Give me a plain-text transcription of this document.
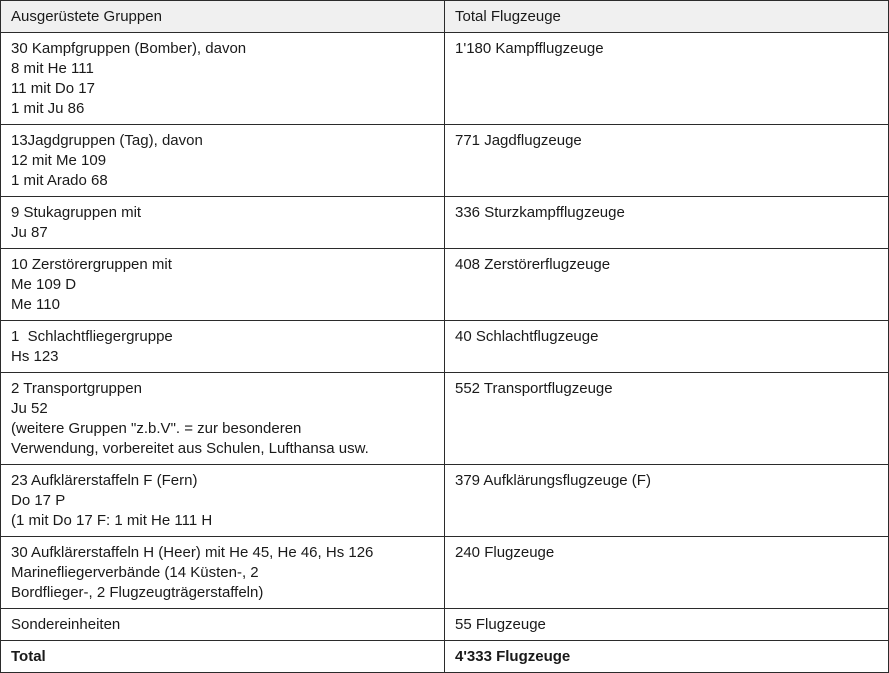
Ausgerüstete Gruppen	Total Flugzeuge

30 Kampfgruppen (Bomber), davon
8 mit He 111
11 mit Do 17
1 mit Ju 86	1'180 Kampfflugzeuge

13Jagdgruppen (Tag), davon
12 mit Me 109
1 mit Arado 68	771 Jagdflugzeuge

9 Stukagruppen mit
Ju 87	336 Sturzkampfflugzeuge

10 Zerstörergruppen mit
Me 109 D
Me 110	408 Zerstörerflugzeuge

1  Schlachtfliegergruppe
Hs 123	40 Schlachtflugzeuge

2 Transportgruppen
Ju 52
(weitere Gruppen "z.b.V". = zur besonderen
Verwendung, vorbereitet aus Schulen, Lufthansa usw.	552 Transportflugzeuge

23 Aufklärerstaffeln F (Fern)
Do 17 P
(1 mit Do 17 F: 1 mit He 111 H	379 Aufklärungsflugzeuge (F)

30 Aufklärerstaffeln H (Heer) mit He 45, He 46, Hs 126
Marinefliegerverbände (14 Küsten-, 2
Bordflieger-, 2 Flugzeugträgerstaffeln)	240 Flugzeuge

Sondereinheiten	55 Flugzeuge
Total	4'333 Flugzeuge
